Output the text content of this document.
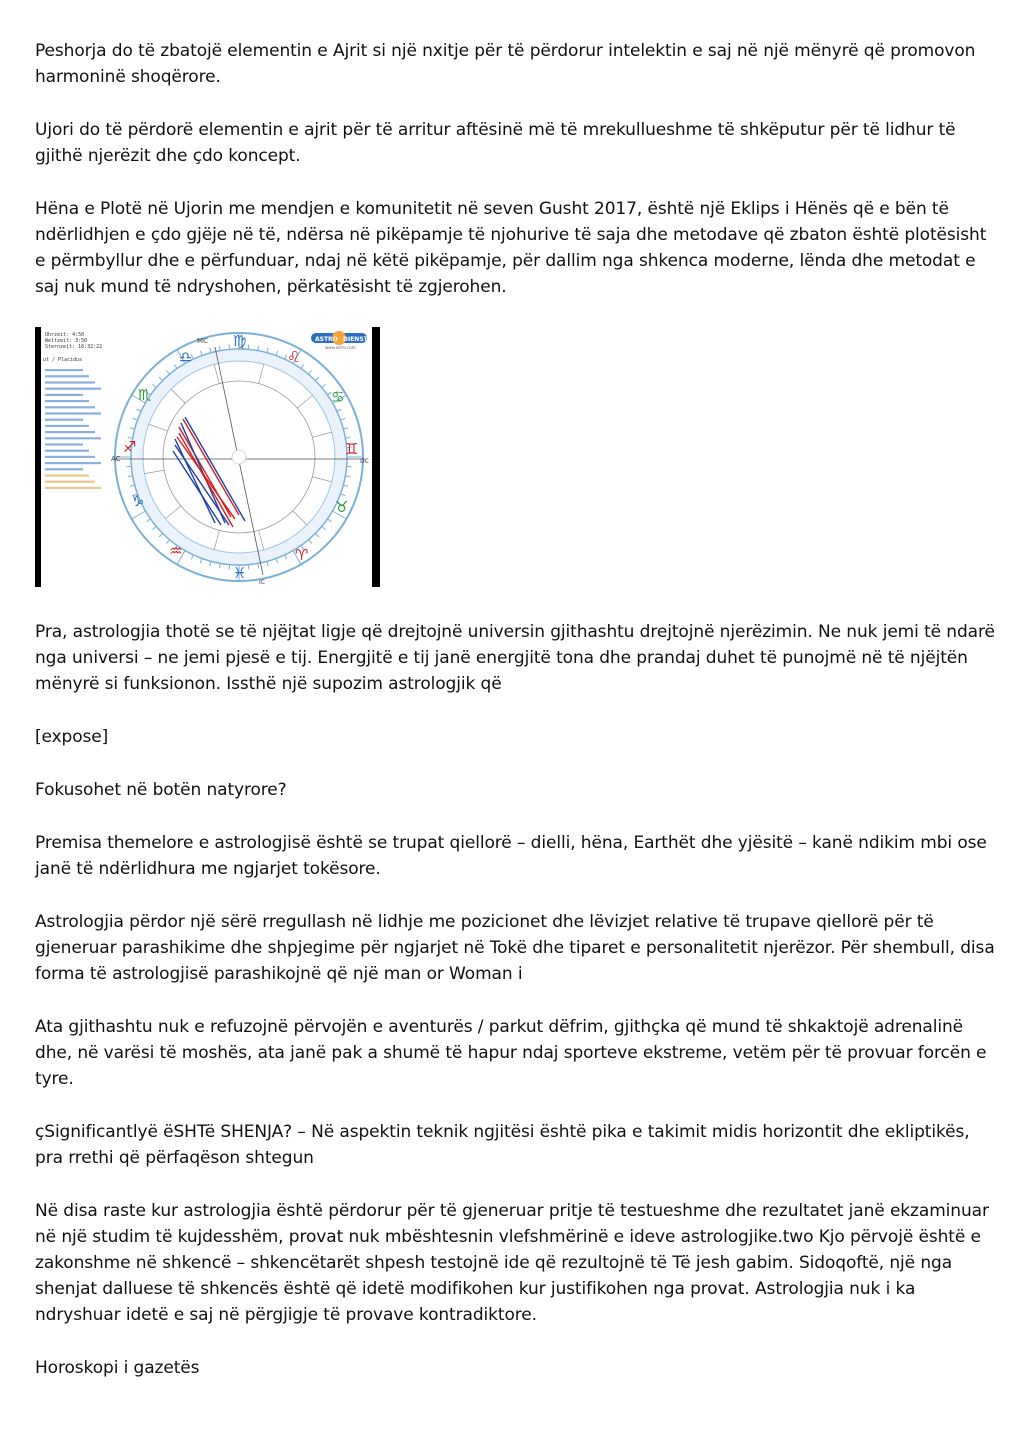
Peshorja do të zbatojë elementin e Ajrit si një nxitje për të përdorur intelektin e saj në një mënyrë që promovon harmoninë shoqërore.

Ujori do të përdorë elementin e ajrit për të arritur aftësinë më të mrekullueshme të shkëputur për të lidhur të gjithë njerëzit dhe çdo koncept.

Hëna e Plotë në Ujorin me mendjen e komunitetit në seven Gusht 2017, është një Eklips i Hënës që e bën të ndërlidhjen e çdo gjëje në të, ndërsa në pikëpamje të njohurive të saja dhe metodave që zbaton është plotësisht e përmbyllur dhe e përfunduar, ndaj në këtë pikëpamje, për dallim nga shkenca moderne, lënda dhe metodat e saj nuk mund të ndryshohen, përkatësisht të zgjerohen.

Uhrzeit: 4:50
Weltzeit: 3:50
Sternzeit: 16:32:22
ut / Placidus
ASTRO DIENST
www.astro.com
MC
AC	DC
IC
♍
♌
♎
♏
♐
♑
♒
♓
♈
♉
♊
♋

Pra, astrologjia thotë se të njëjtat ligje që drejtojnë universin gjithashtu drejtojnë njerëzimin. Ne nuk jemi të ndarë nga universi – ne jemi pjesë e tij. Energjitë e tij janë energjitë tona dhe prandaj duhet të punojmë në të njëjtën mënyrë si funksionon. Issthë një supozim astrologjik që

[expose]

Fokusohet në botën natyrore?

Premisa themelore e astrologjisë është se trupat qiellorë – dielli, hëna, Earthët dhe yjësitë – kanë ndikim mbi ose janë të ndërlidhura me ngjarjet tokësore.

Astrologjia përdor një sërë rregullash në lidhje me pozicionet dhe lëvizjet relative të trupave qiellorë për të gjeneruar parashikime dhe shpjegime për ngjarjet në Tokë dhe tiparet e personalitetit njerëzor. Për shembull, disa forma të astrologjisë parashikojnë që një man or Woman i

Ata gjithashtu nuk e refuzojnë përvojën e aventurës / parkut dëfrim, gjithçka që mund të shkaktojë adrenalinë dhe, në varësi të moshës, ata janë pak a shumë të hapur ndaj sporteve ekstreme, vetëm për të provuar forcën e tyre.

çSignificantlyë ëSHTë SHENJA? – Në aspektin teknik ngjitësi është pika e takimit midis horizontit dhe ekliptikës, pra rrethi që përfaqëson shtegun

Në disa raste kur astrologjia është përdorur për të gjeneruar pritje të testueshme dhe rezultatet janë ekzaminuar në një studim të kujdesshëm, provat nuk mbështesnin vlefshmërinë e ideve astrologjike.two Kjo përvojë është e zakonshme në shkencë – shkencëtarët shpesh testojnë ide që rezultojnë të Të jesh gabim. Sidoqoftë, një nga shenjat dalluese të shkencës është që idetë modifikohen kur justifikohen nga provat. Astrologjia nuk i ka ndryshuar idetë e saj në përgjigje të provave kontradiktore.

Horoskopi i gazetës
